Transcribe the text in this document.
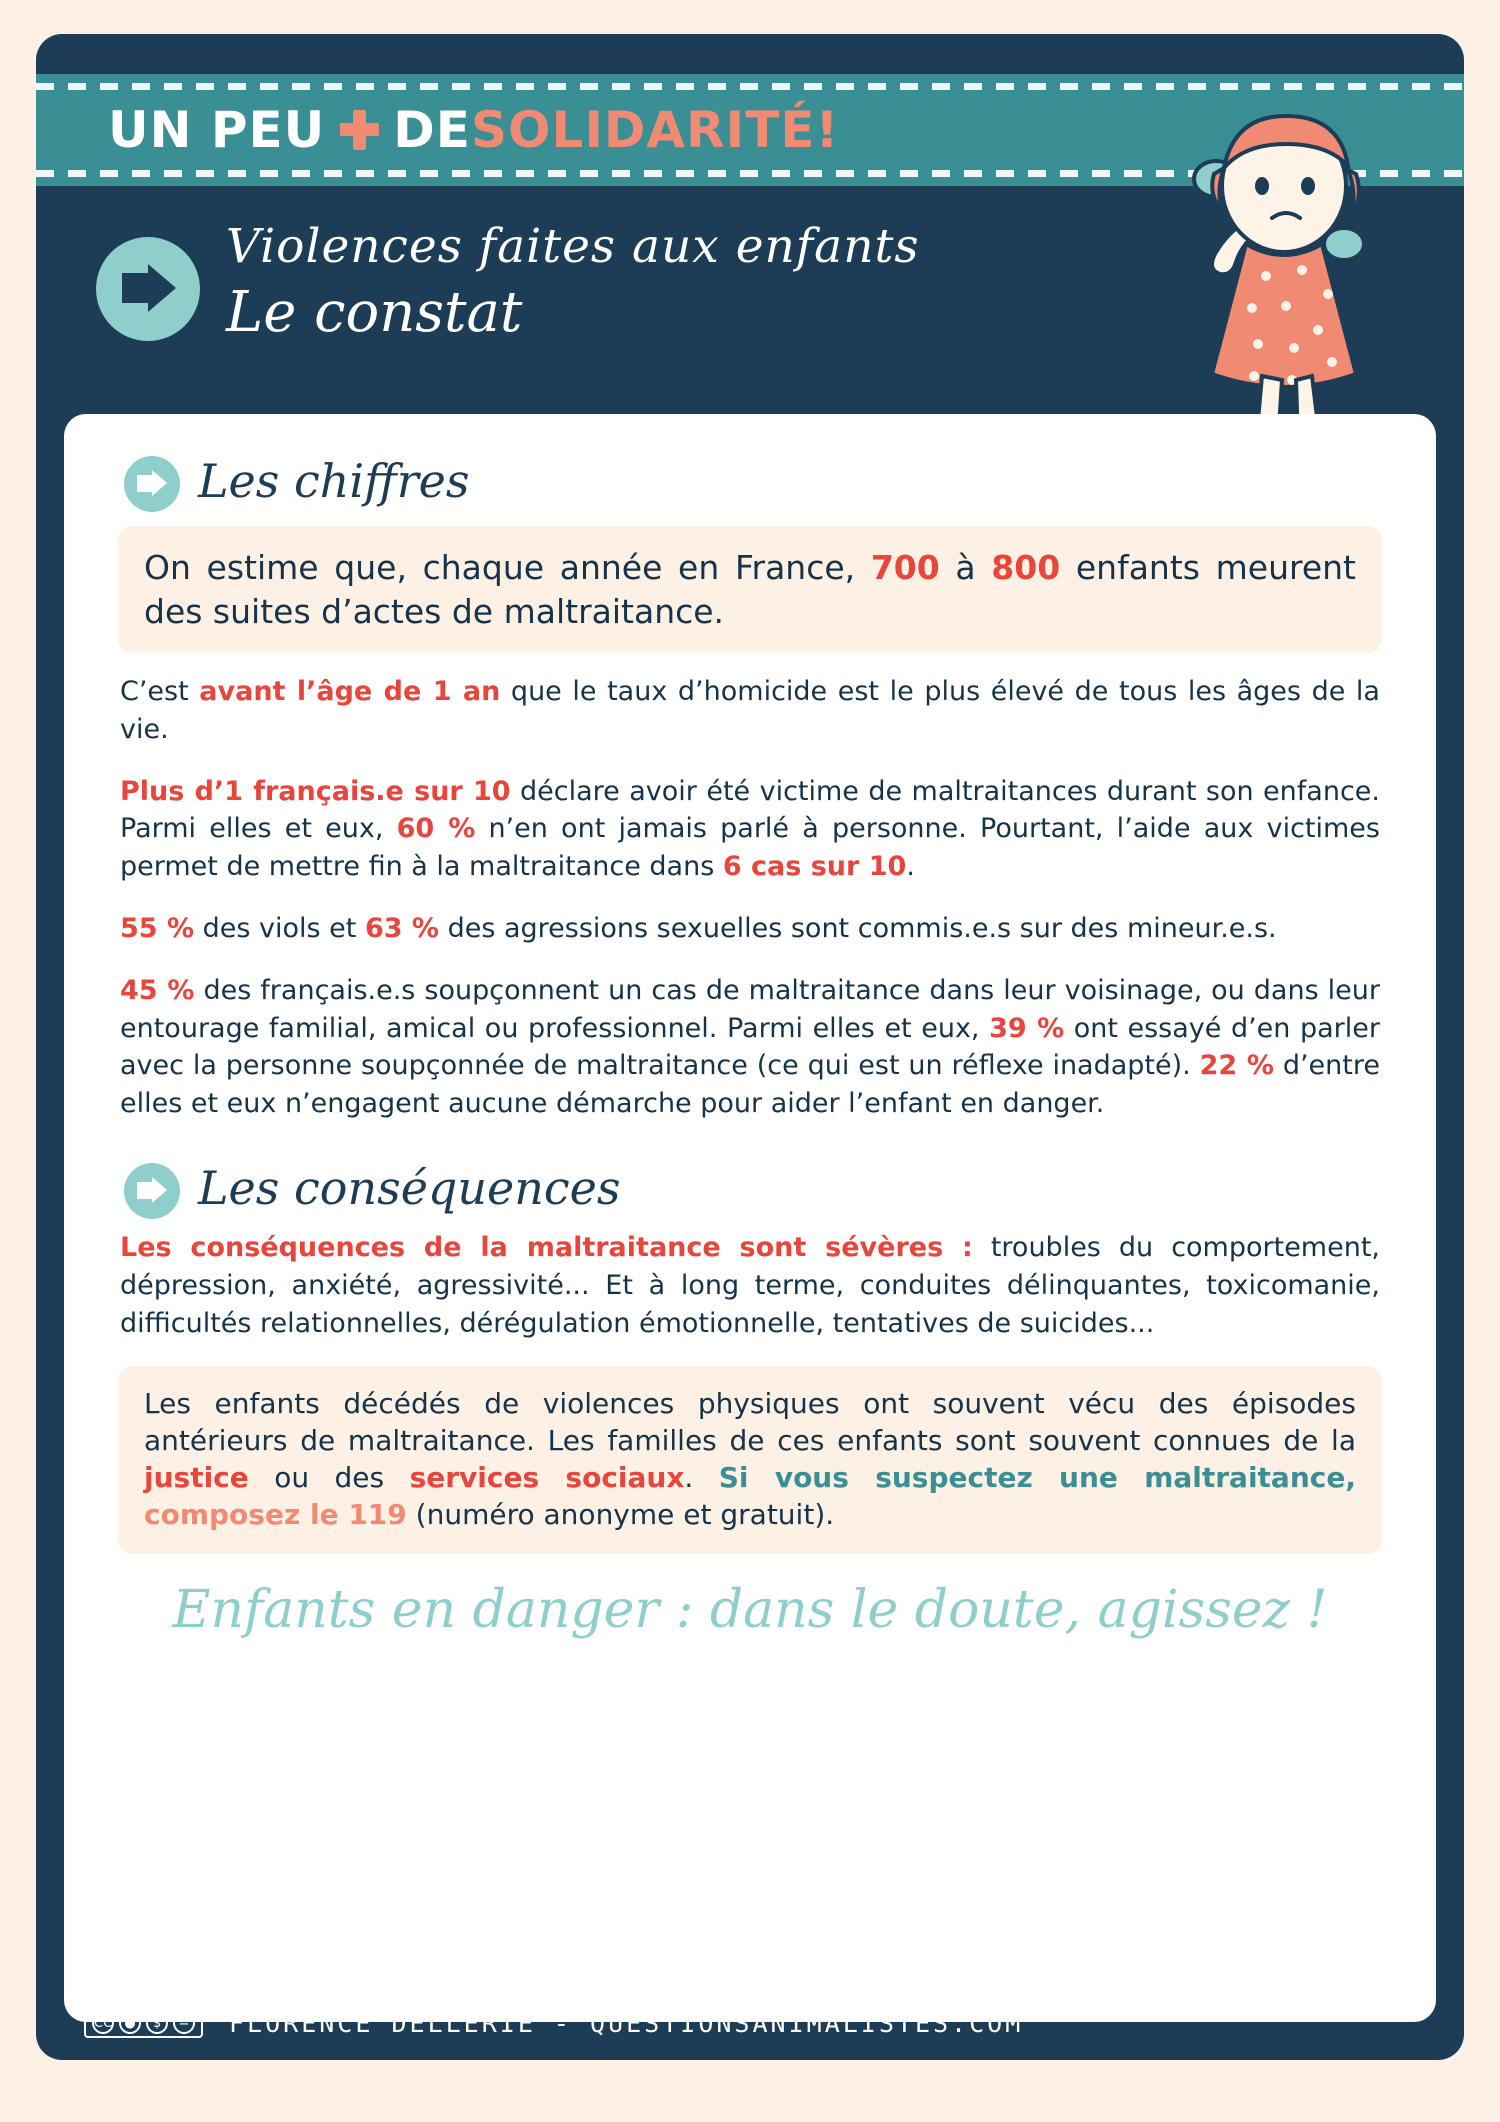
UN PEU DE SOLIDARITÉ !
Violences faites aux enfants
Le constat
Les chiffres

On estime que, chaque année en France, 700 à 800 enfants meurent des suites d’actes de maltraitance.

C’est avant l’âge de 1 an que le taux d’homicide est le plus élevé de tous les âges de la vie.

Plus d’1 français.e sur 10 déclare avoir été victime de maltraitances durant son enfance. Parmi elles et eux, 60 % n’en ont jamais parlé à personne. Pourtant, l’aide aux victimes permet de mettre fin à la maltraitance dans 6 cas sur 10.

55 % des viols et 63 % des agressions sexuelles sont commis.e.s sur des mineur.e.s.

45 % des français.e.s soupçonnent un cas de maltraitance dans leur voisinage, ou dans leur entourage familial, amical ou professionnel. Parmi elles et eux, 39 % ont essayé d’en parler avec la personne soupçonnée de maltraitance (ce qui est un réflexe inadapté). 22 % d’entre elles et eux n’engagent aucune démarche pour aider l’enfant en danger.

Les conséquences

Les conséquences de la maltraitance sont sévères : troubles du comportement, dépression, anxiété, agressivité... Et à long terme, conduites délinquantes, toxicomanie, difficultés relationnelles, dérégulation émotionnelle, tentatives de suicides...

Les enfants décédés de violences physiques ont souvent vécu des épisodes antérieurs de maltraitance. Les familles de ces enfants sont souvent connues de la justice ou des services sociaux. Si vous suspectez une maltraitance, composez le 119 (numéro anonyme et gratuit).

Enfants en danger : dans le doute, agissez !
CC ●	$	= FLORENCE DELLERIE - QUESTIONSANIMALISTES.COM
